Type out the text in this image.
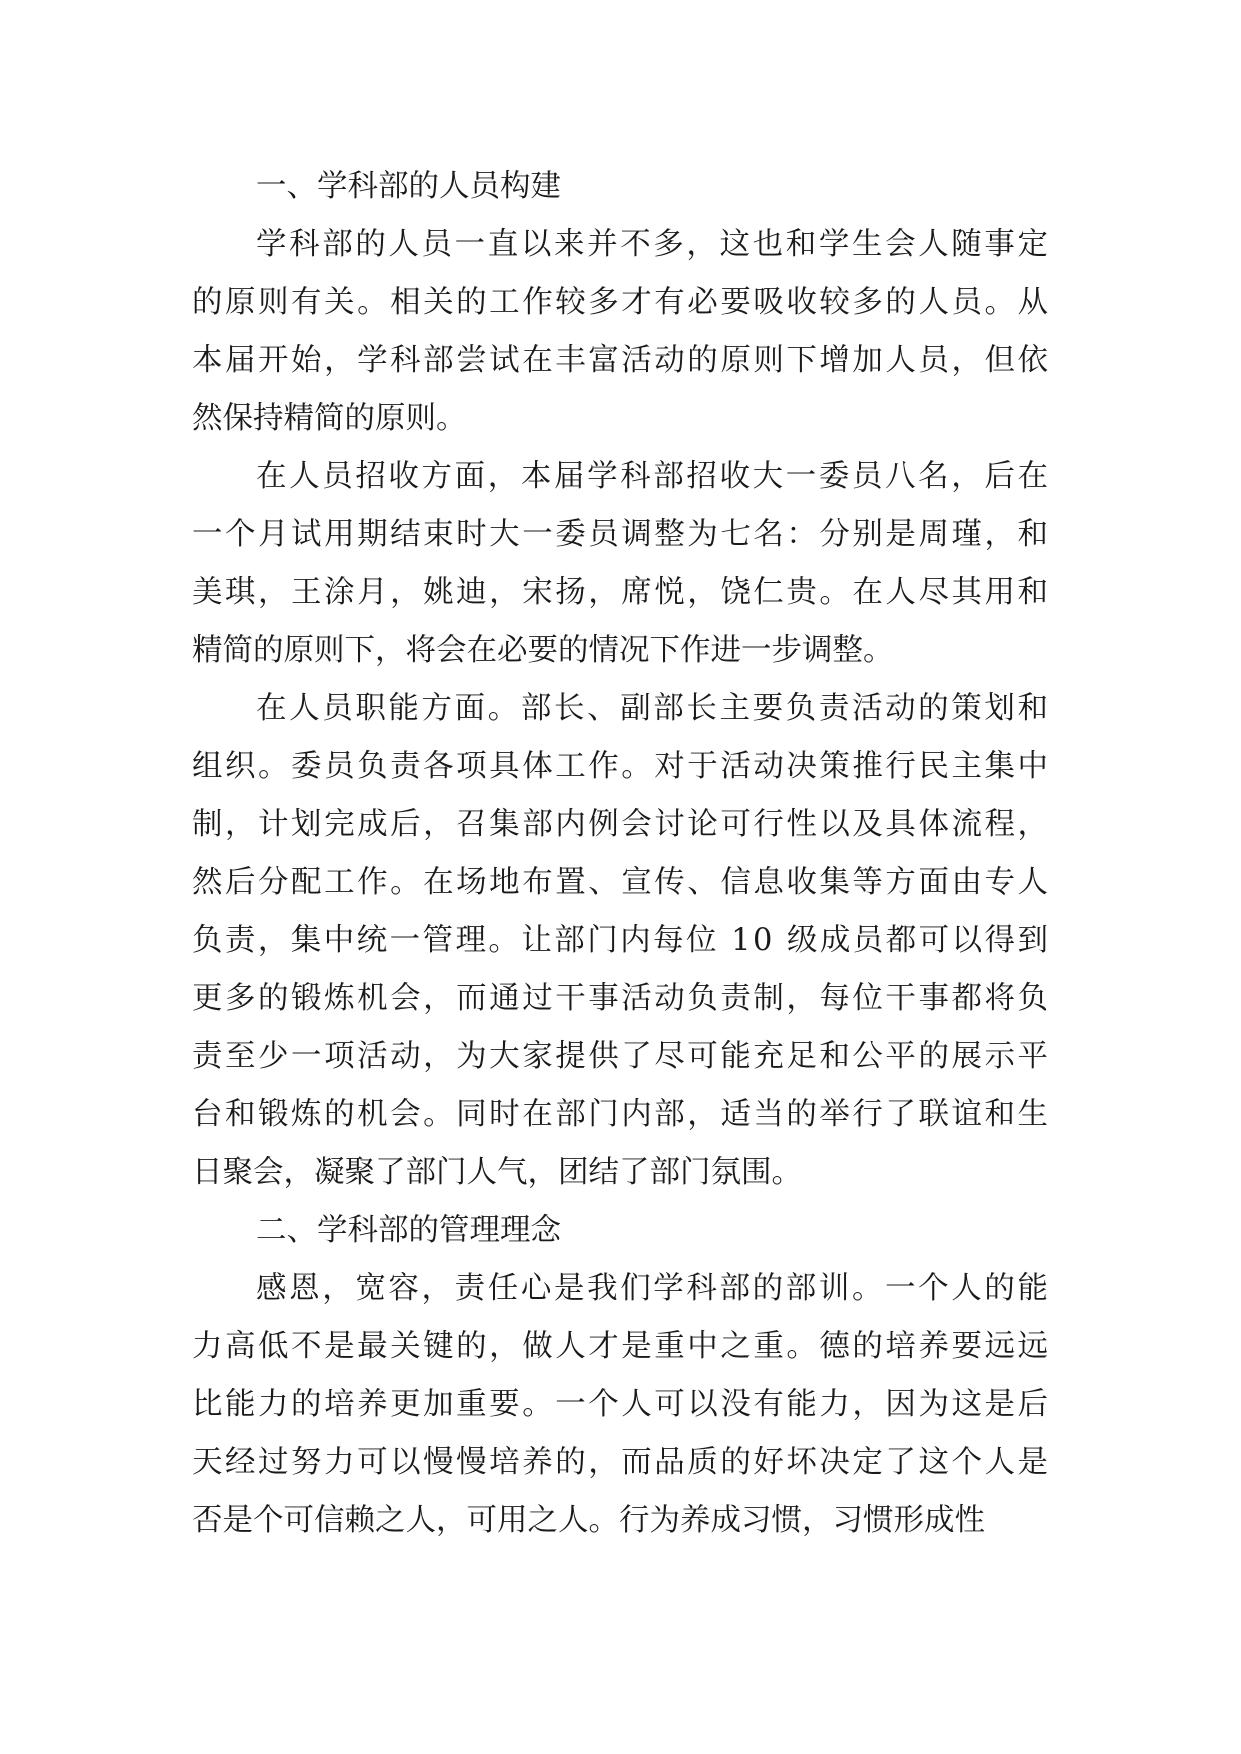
一、学科部的人员构建
学科部的人员一直以来并不多，这也和学生会人随事定
的原则有关。相关的工作较多才有必要吸收较多的人员。从
本届开始，学科部尝试在丰富活动的原则下增加人员，但依
然保持精简的原则。
在人员招收方面，本届学科部招收大一委员八名，后在
一个月试用期结束时大一委员调整为七名：分别是周瑾，和
美琪，王涂月，姚迪，宋扬，席悦，饶仁贵。在人尽其用和
精简的原则下，将会在必要的情况下作进一步调整。
在人员职能方面。部长、副部长主要负责活动的策划和
组织。委员负责各项具体工作。对于活动决策推行民主集中
制，计划完成后，召集部内例会讨论可行性以及具体流程，
然后分配工作。在场地布置、宣传、信息收集等方面由专人
负责，集中统一管理。让部门内每位 10 级成员都可以得到
更多的锻炼机会，而通过干事活动负责制，每位干事都将负
责至少一项活动，为大家提供了尽可能充足和公平的展示平
台和锻炼的机会。同时在部门内部，适当的举行了联谊和生
日聚会，凝聚了部门人气，团结了部门氛围。
二、学科部的管理理念
感恩，宽容，责任心是我们学科部的部训。一个人的能
力高低不是最关键的，做人才是重中之重。德的培养要远远
比能力的培养更加重要。一个人可以没有能力，因为这是后
天经过努力可以慢慢培养的，而品质的好坏决定了这个人是
否是个可信赖之人，可用之人。行为养成习惯，习惯形成性
